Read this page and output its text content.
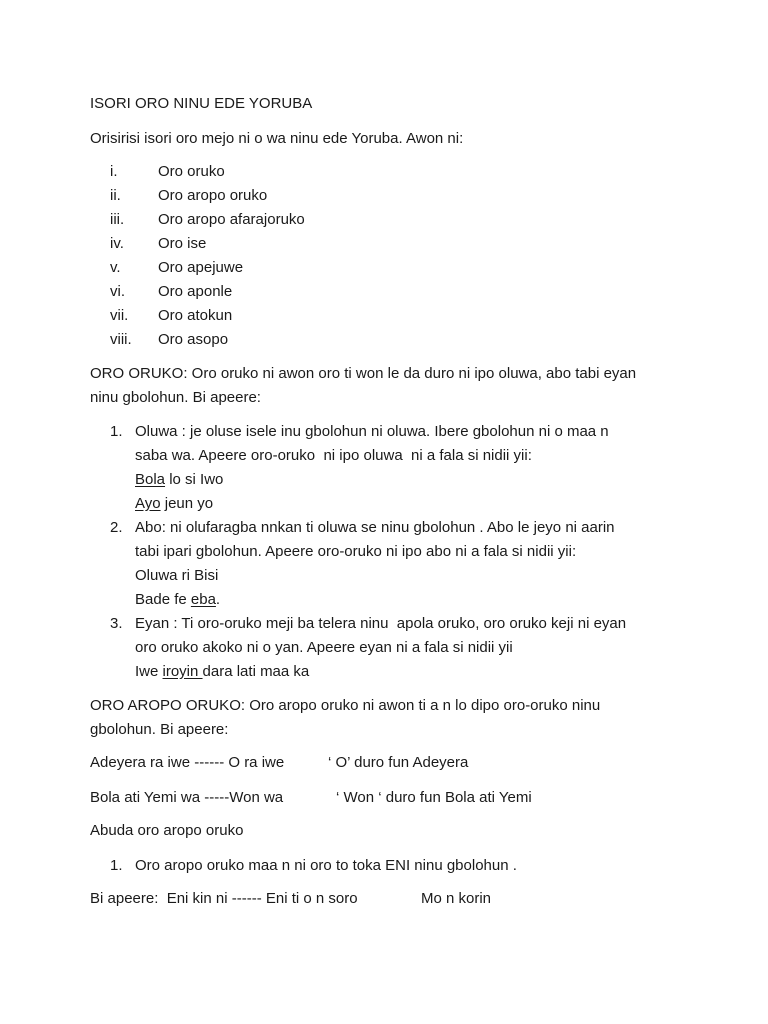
ISORI ORO NINU EDE YORUBA
Orisirisi isori oro mejo ni o wa ninu ede Yoruba. Awon ni:
i.	Oro oruko
ii. Oro aropo oruko
iii. Oro aropo afarajoruko
iv. Oro ise
v. Oro apejuwe
vi. Oro aponle
vii. Oro atokun
viii. Oro asopo
ORO ORUKO: Oro oruko ni awon oro ti won le da duro ni ipo oluwa, abo tabi eyan
ninu gbolohun. Bi apeere:
1. Oluwa : je oluse isele inu gbolohun ni oluwa. Ibere gbolohun ni o maa n
saba wa. Apeere oro-oruko  ni ipo oluwa  ni a fala si nidii yii:
Bola lo si Iwo
Ayo jeun yo
2. Abo: ni olufaragba nnkan ti oluwa se ninu gbolohun . Abo le jeyo ni aarin
tabi ipari gbolohun. Apeere oro-oruko ni ipo abo ni a fala si nidii yii:
Oluwa ri Bisi
Bade fe eba.
3. Eyan : Ti oro-oruko meji ba telera ninu  apola oruko, oro oruko keji ni eyan
oro oruko akoko ni o yan. Apeere eyan ni a fala si nidii yii
Iwe iroyin dara lati maa ka
ORO AROPO ORUKO: Oro aropo oruko ni awon ti a n lo dipo oro-oruko ninu
gbolohun. Bi apeere:
Adeyera ra iwe ------ O ra iwe	‘ O’ duro fun Adeyera
Bola ati Yemi wa -----Won wa	‘ Won ‘ duro fun Bola ati Yemi
Abuda oro aropo oruko
1. Oro aropo oruko maa n ni oro to toka ENI ninu gbolohun .
Bi apeere:  Eni kin ni ------ Eni ti o n soro	Mo n korin
